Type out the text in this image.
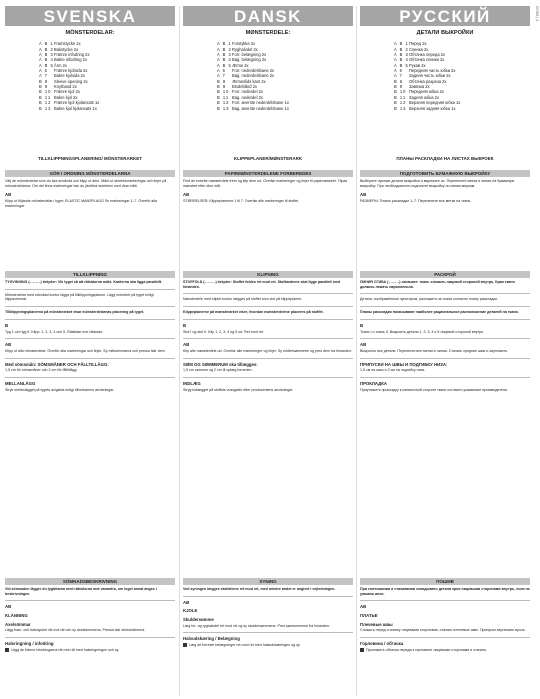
G7ISS | 4
SVENSKA
MÖNSTERDELAR:
A B 1Framstycke 2x
A B 2Bakstycke 2x
A B 3Främre infodring 2x
A B 4Bakre infodring 2x
A B 5Ärm 2x
A 6 Främre kjolsida 2x
A 7 Bakre kjolsida 2x
B 8 Sleeve opening 2x
B 9 Knytband 2x
B 10 Främre kjol 2x
B 11 Bakre kjol 2x
B 12 Främre kjol kjolansats 1x
B 13 Bakre kjol kjolansats 1x
TILLKLIPPNINGSPLANERING/ MÖNSTERARKET
GÖR I ORDNING MÖNSTERDELARNA

Välj de mönsterdelar som du ska använda och klipp ut dem. Märk ut storleksmarkeringar och linjer på mönsterdelarna. Om det finns markeringar kan du jämföra storleken med dina mått.

AB

Klipp ut följande mönsterdelar i tyget: ELASTIC MANSPLAGG Se markeringar 1–7. Överför alla markeringar.

TILLKLIPPNING

TYGVIKNING (– – – –) betyder: Vik tyget så att rätsidorna möts. Kanterna ska ligga parallellt.

Mönsterdelar med streckad kontur läggs på tillklippningsplanen. Lägg mönstret på tyget enligt klippschemat.

Tillklippningsplanerna på mönsterarket visar mönsterdelarnas placering på tyget.

B

Tyg 1 och tyg II. Klipp: 1, 2, 3, 4 och 5. Rätsidan mot rätsidan.

AB

Klipp ut alla mönsterdelar. Överför alla markeringar och linjer. Sy mittsömmarna och pressa isär dem.

Med sömsmån: SÖMSMÅNER OCH FÅLLTILLÄGG:

1,5 cm för sömsmåner och 2 cm för fålltillägg.

MELLANLÄGG

Stryk mellanlägget på tygets avigsida enligt tillverkarens anvisningar.

SÖMNADSBESKRIVNING

Vid sömnaden lägger du tygbitarna med rätsidorna mot varandra, om inget annat anges i beskrivningen.

AB
KLÄNNING
Axelsömmar

Lägg fram- och bakstycket rät mot rät och sy axelsömmarna. Pressa isär sömsmånerna.

Halsringning / infodring

Lägg de främre infodringarna rät mot rät med halsringningen och sy.

DANSK
MØNSTERDELE:
A B 1Forstykke 2x
A B 2Ryghalvdel 2x
A B 3Forr. belægning 2x
A B 4Bag. belægning 2x
A B 5Ærme 2x
A 6 Forr. nederdelsbane 2x
A 7 Bag. nederdelsbane 2x
B 8 Ærmeslids kant 2x
B 9 Bindebånd 2x
B 10 Forr. nederdel 2x
B 11 Bag. nederdel 2x
B 12 Forr. øverste nederdelsbane 1x
B 13 Bag. øverste nederdelsbane 1x
KLIPPEPLANER/MØNSTERARK
PAPIRMØNSTERDELENE FORBEREDES

Find de enkelte mønsterdele frem og klip dem ud. Overfør markeringer og linjer til papirmønstret. Tilpas mønstret efter dine mål.

AB

STØRRELSER: Klippeplanerne 1 til 7. Overfør alle markeringer til stoffet.

KLIPNING

STOFFOLD (– – – –) betyder: Stoffet foldes ret mod ret. Stofkanterne skal ligge parallelt med hinanden.

Mønsterdele med stiplet kontur lægges på stoffet som vist på klippeplanen.

Klippeplanerne på mønsterarket viser, hvordan mønsterdelene placeres på stoffet.

B

Stof I og stof II. Klip 1, 2, 3, 4 og 5 ud. Ret mod ret.

AB

Klip alle mønsterdele ud. Overfør alle markeringer og linjer. Sy midtersømmene og pres dem fra hinanden.

SØM OG SØMMERUM ska tillægges:

1,5 cm sømrum og 2 cm til oplæg forneden.

INDLÆG

Stryg indlægget på stoffets vrangside efter producentens anvisninger.

SYNING

Ved syningen lægges stofdelene ret mod ret, med mindre andet er angivet i vejledningen.

AB
KJOLE
Skuldersømme

Læg for- og ryghalvdel ret mod ret og sy skuldersømmene. Pres sømrummene fra hinanden.

Halsudskæring / Belægning

Læg de forreste belægninger ret mod ret med halsudskæringen og sy.

РУССКИЙ
ДЕТАЛИ ВЫКРОЙКИ
A B 1Перед 2x
A B 2Спинка 2x
A B 3Обтачка переда 2x
A B 4Обтачка спинки 2x
A B 5Рукав 2x
A 6 Передняя часть юбки 2x
A 7 Задняя часть юбки 2x
B 8 Обтачка разреза 2x
B 9 Завязка 2x
B 10 Передняя юбка 2x
B 11 Задняя юбка 2x
B 12 Верхняя передняя юбка 1x
B 13 Верхняя задняя юбка 1x
ПЛАНЫ РАСКЛАДКИ НА ЛИСТАХ ВЫКРОЕК
ПОДГОТОВИТЬ БУМАЖНУЮ ВЫКРОЙКУ

Выберите нужные детали выкройки и вырежьте их. Перенесите метки и линии на бумажную выкройку. При необходимости подгоните выкройку по своим меркам.

AB

РАЗМЕРЫ: Планы раскладки 1–7. Перенесите все метки на ткань.

РАСКРОЙ

ЛИНИЯ СГИБА (– – – –) означает: ткань сложить лицевой стороной внутрь. Края ткани должны лежать параллельно.

Детали, изображённые пунктиром, разложить на ткани согласно плану раскладки.

Планы раскладки показывают наиболее рациональное расположение деталей на ткани.

B

Ткань I и ткань II. Выкроить детали 1, 2, 3, 4 и 5 лицевой стороной внутрь.

AB

Выкроить все детали. Перенести все метки и линии. Стачать средние швы и заутюжить.

ПРИПУСКИ НА ШВЫ И ПОДГИБКУ НИЗА:

1,5 см на швы и 2 см на подгибку низа.

ПРОКЛАДКА

Приутюжить прокладку к изнаночной стороне ткани согласно указаниям производителя.

ПОШИВ

При сметывании и стачивании складывать детали кроя лицевыми сторонами внутрь, если не указано иное.

AB
ПЛАТЬЕ
Плечевые швы

Сложить перед и спинку лицевыми сторонами, стачать плечевые швы. Припуски заутюжить врозь.

Горловина / обтачка

Приложить обтачки переда к горловине лицевыми сторонами и стачать.
